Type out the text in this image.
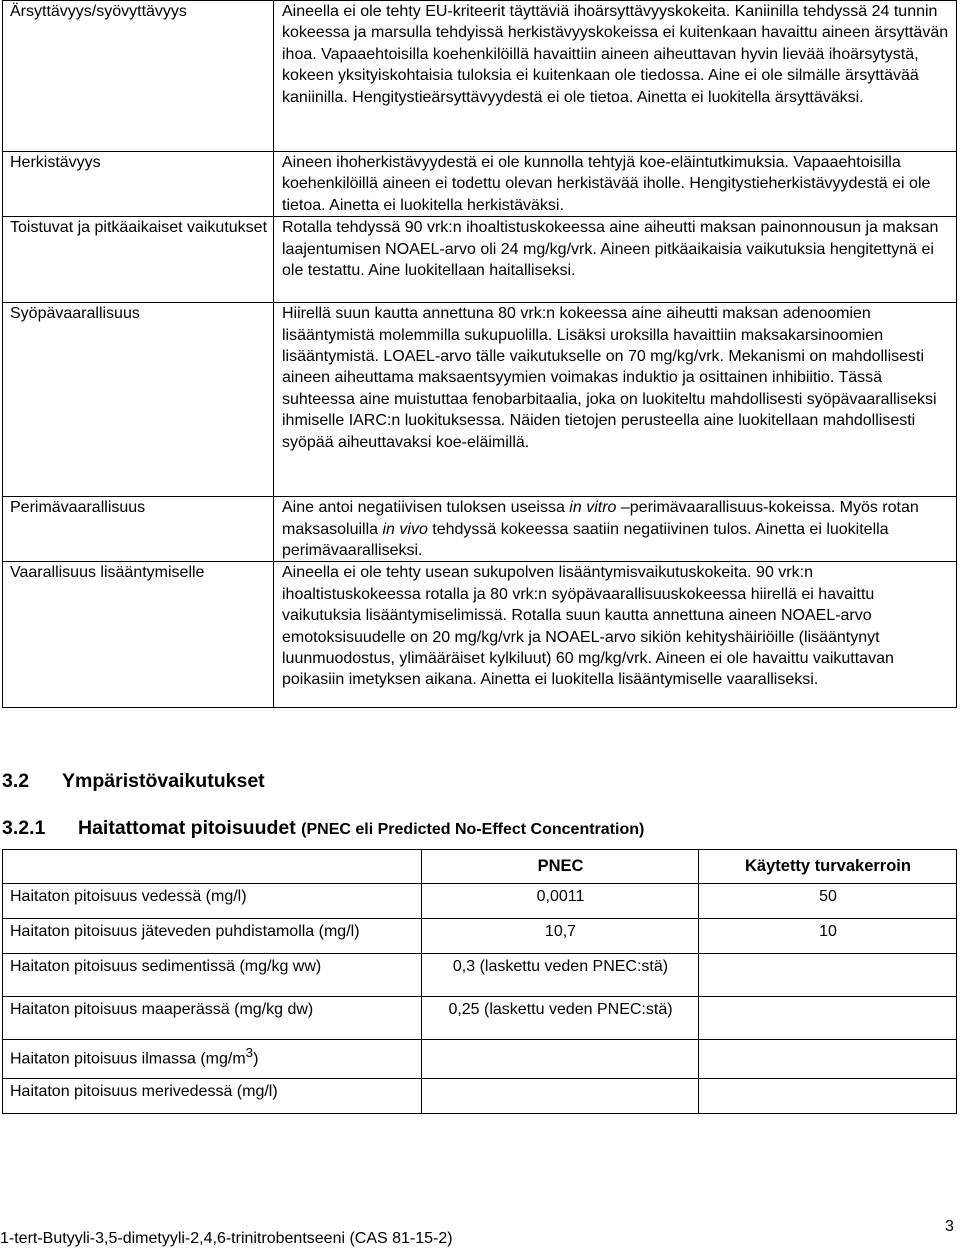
Ärsyttävyys/syövyttävyys	Aineella ei ole tehty EU-kriteerit täyttäviä ihoärsyttävyyskokeita. Kaniinilla tehdyssä 24 tunnin kokeessa ja marsulla tehdyissä herkistävyyskokeissa ei kuitenkaan havaittu aineen ärsyttävän ihoa. Vapaaehtoisilla koehenkilöillä havaittiin aineen aiheuttavan hyvin lievää ihoärsytystä, kokeen yksityiskohtaisia tuloksia ei kuitenkaan ole tiedossa. Aine ei ole silmälle ärsyttävää kaniinilla. Hengitystieärsyttävyydestä ei ole tietoa. Ainetta ei luokitella ärsyttäväksi.
Herkistävyys	Aineen ihoherkistävyydestä ei ole kunnolla tehtyjä koe-eläintutkimuksia. Vapaaehtoisilla koehenkilöillä aineen ei todettu olevan herkistävää iholle. Hengitystieherkistävyydestä ei ole tietoa. Ainetta ei luokitella herkistäväksi.
Toistuvat ja pitkäaikaiset vaikutukset	Rotalla tehdyssä 90 vrk:n ihoaltistuskokeessa aine aiheutti maksan painonnousun ja maksan laajentumisen NOAEL-arvo oli 24 mg/kg/vrk. Aineen pitkäaikaisia vaikutuksia hengitettynä ei ole testattu. Aine luokitellaan haitalliseksi.
Syöpävaarallisuus	Hiirellä suun kautta annettuna 80 vrk:n kokeessa aine aiheutti maksan adenoomien lisääntymistä molemmilla sukupuolilla. Lisäksi uroksilla havaittiin maksakarsinoomien lisääntymistä. LOAEL-arvo tälle vaikutukselle on 70 mg/kg/vrk. Mekanismi on mahdollisesti aineen aiheuttama maksaentsyymien voimakas induktio ja osittainen inhibiitio. Tässä suhteessa aine muistuttaa fenobarbitaalia, joka on luokiteltu mahdollisesti syöpävaaralliseksi ihmiselle IARC:n luokituksessa. Näiden tietojen perusteella aine luokitellaan mahdollisesti syöpää aiheuttavaksi koe-eläimillä.
Perimävaarallisuus	Aine antoi negatiivisen tuloksen useissa in vitro –perimävaarallisuus-kokeissa. Myös rotan maksasoluilla in vivo tehdyssä kokeessa saatiin negatiivinen tulos. Ainetta ei luokitella perimävaaralliseksi.
Vaarallisuus lisääntymiselle	Aineella ei ole tehty usean sukupolven lisääntymisvaikutuskokeita. 90 vrk:n ihoaltistuskokeessa rotalla ja 80 vrk:n syöpävaarallisuuskokeessa hiirellä ei havaittu vaikutuksia lisääntymiselimissä. Rotalla suun kautta annettuna aineen NOAEL-arvo emotoksisuudelle on 20 mg/kg/vrk ja NOAEL-arvo sikiön kehityshäiriöille (lisääntynyt luunmuodostus, ylimääräiset kylkiluut) 60 mg/kg/vrk. Aineen ei ole havaittu vaikuttavan poikasiin imetyksen aikana. Ainetta ei luokitella lisääntymiselle vaaralliseksi.
3.2 Ympäristövaikutukset
3.2.1 Haitattomat pitoisuudet (PNEC eli Predicted No-Effect Concentration)
	PNEC	Käytetty turvakerroin
Haitaton pitoisuus vedessä (mg/l)	0,0011	50
Haitaton pitoisuus jäteveden puhdistamolla (mg/l)	10,7	10
Haitaton pitoisuus sedimentissä (mg/kg ww)	0,3 (laskettu veden PNEC:stä)	
Haitaton pitoisuus maaperässä (mg/kg dw)	0,25 (laskettu veden PNEC:stä)	
Haitaton pitoisuus ilmassa $(mg/m^3)$		
Haitaton pitoisuus merivedessä (mg/l)		
1-tert-Butyyli-3,5-dimetyyli-2,4,6-trinitrobentseeni (CAS 81-15-2)
3
